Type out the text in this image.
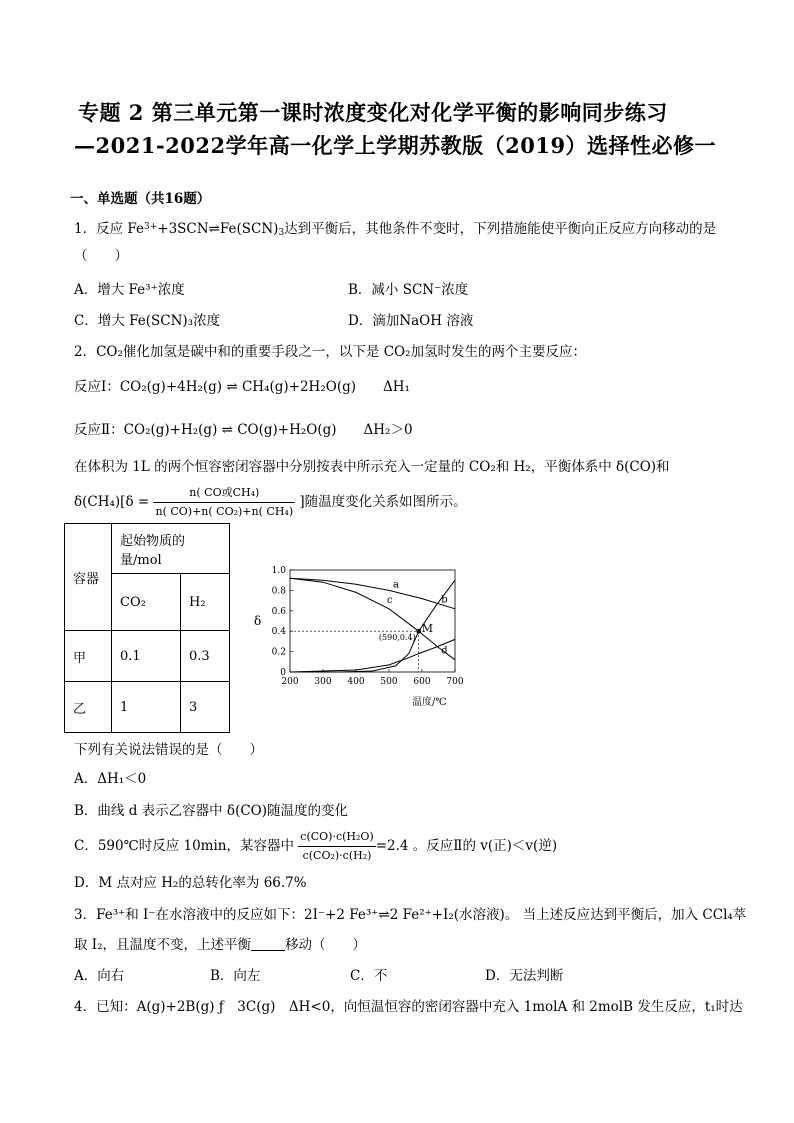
专题 2 第三单元第一课时浓度变化对化学平衡的影响同步练习
—2021-2022学年高一化学上学期苏教版（2019）选择性必修一
一、单选题（共16题）
1．反应 $Fe^{3+}+3SCN\rightleftharpoons Fe(SCN)_3$达到平衡后，其他条件不变时，下列措施能使平衡向正反应方向移动的是
（　　）
A．增大 Fe³⁺浓度	B．减小 SCN⁻浓度
C．增大 Fe(SCN)₃浓度	D．滴加NaOH 溶液
2．CO₂催化加氢是碳中和的重要手段之一，以下是 CO₂加氢时发生的两个主要反应：
反应Ⅰ：CO₂(g)+4H₂(g) ⇌ CH₄(g)+2H₂O(g)　　ΔH₁
反应Ⅱ：CO₂(g)+H₂(g) ⇌ CO(g)+H₂O(g)　　ΔH₂＞0
在体积为 1L 的两个恒容密闭容器中分别按表中所示充入一定量的 CO₂和 H₂，平衡体系中 δ(CO)和
$\delta(CH_4)[\delta = \frac{\text{n( CO或CH₄)}}{\text{n( CO)+n( CO₂)+n( CH₄)}}$ ]随温度变化关系如图所示。
容器	起始物质的量/mol	
	CO₂	H₂
甲	0.1	0.3
乙	1	3
δ
温度/℃
200 300 400 500 600 700
0
0.2
0.4
0.6
0.8
1.0
a
c	b
d
M
(590,0.4)
下列有关说法错误的是（　　）
A．ΔH₁＜0
B．曲线 d 表示乙容器中 δ(CO)随温度的变化
C．590℃时反应 10min，某容器中 $\frac{\text{c(CO)·c(H₂O)}}{\text{c(CO₂)·c(H₂)}} =2.4$ 。反应Ⅱ的 v(正)＜v(逆)
D．M 点对应 H₂的总转化率为 66.7%
3．Fe³⁺和 I⁻在水溶液中的反应如下：2I⁻+2 Fe³⁺⇌2 Fe²⁺+I₂(水溶液)。 当上述反应达到平衡后，加入 CCl₄萃
取 I₂，且温度不变，上述平衡	移动（　　）
A．向右	B．向左	C．不	D．无法判断
4．已知：A(g)+2B(g) ƒ　3C(g)　ΔH<0，向恒温恒容的密闭容器中充入 1molA 和 2molB 发生反应，t₁时达
